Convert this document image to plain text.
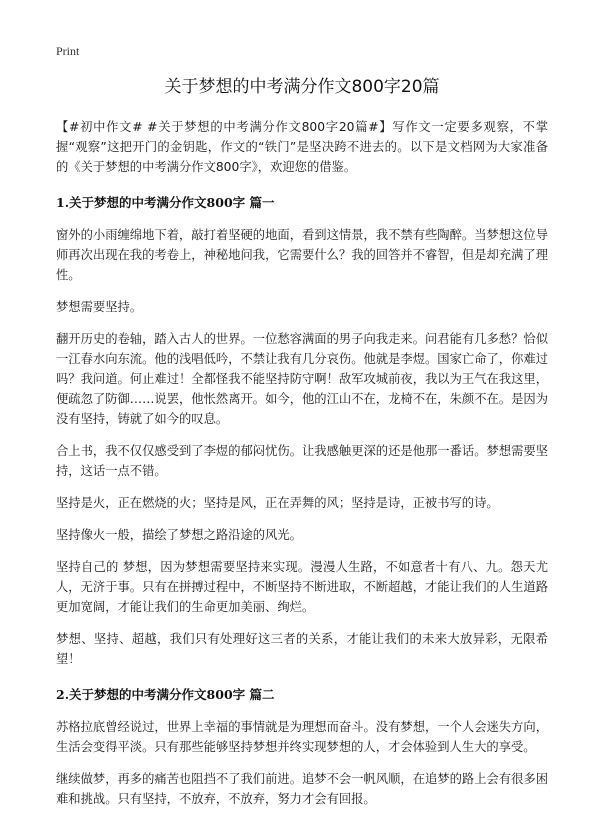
Print
关于梦想的中考满分作文800字20篇

【#初中作文# #关于梦想的中考满分作文800字20篇#】写作文一定要多观察，不掌握“观察”这把开门的金钥匙，作文的“铁门”是坚决跨不进去的。以下是文档网为大家准备的《关于梦想的中考满分作文800字》，欢迎您的借鉴。

1.关于梦想的中考满分作文800字 篇一

窗外的小雨缠绵地下着，敲打着坚硬的地面，看到这情景，我不禁有些陶醉。当梦想这位导师再次出现在我的考卷上，神秘地问我，它需要什么？我的回答并不睿智，但是却充满了理性。

梦想需要坚持。

翻开历史的卷轴，踏入古人的世界。一位愁容满面的男子向我走来。问君能有几多愁？恰似一江春水向东流。他的浅唱低吟，不禁让我有几分哀伤。他就是李煜。国家亡命了，你难过吗？我问道。何止难过！全都怪我不能坚持防守啊！敌军攻城前夜，我以为王气在我这里，便疏忽了防御……说罢，他怅然离开。如今，他的江山不在，龙椅不在，朱颜不在。是因为没有坚持，铸就了如今的叹息。

合上书，我不仅仅感受到了李煜的郁闷忧伤。让我感触更深的还是他那一番话。梦想需要坚持，这话一点不错。

坚持是火，正在燃烧的火；坚持是风，正在弄舞的风；坚持是诗，正被书写的诗。

坚持像火一般，描绘了梦想之路沿途的风光。

坚持自己的 梦想，因为梦想需要坚持来实现。漫漫人生路，不如意者十有八、九。怨天尤人，无济于事。只有在拼搏过程中，不断坚持不断进取，不断超越，才能让我们的人生道路更加宽阔，才能让我们的生命更加美丽、绚烂。

梦想、坚持、超越，我们只有处理好这三者的关系，才能让我们的未来大放异彩，无限希望！

2.关于梦想的中考满分作文800字 篇二

苏格拉底曾经说过，世界上幸福的事情就是为理想而奋斗。没有梦想，一个人会迷失方向，生活会变得平淡。只有那些能够坚持梦想并终实现梦想的人，才会体验到人生大的享受。

继续做梦，再多的痛苦也阻挡不了我们前进。追梦不会一帆风顺，在追梦的路上会有很多困难和挑战。只有坚持，不放弃，不放弃，努力才会有回报。
